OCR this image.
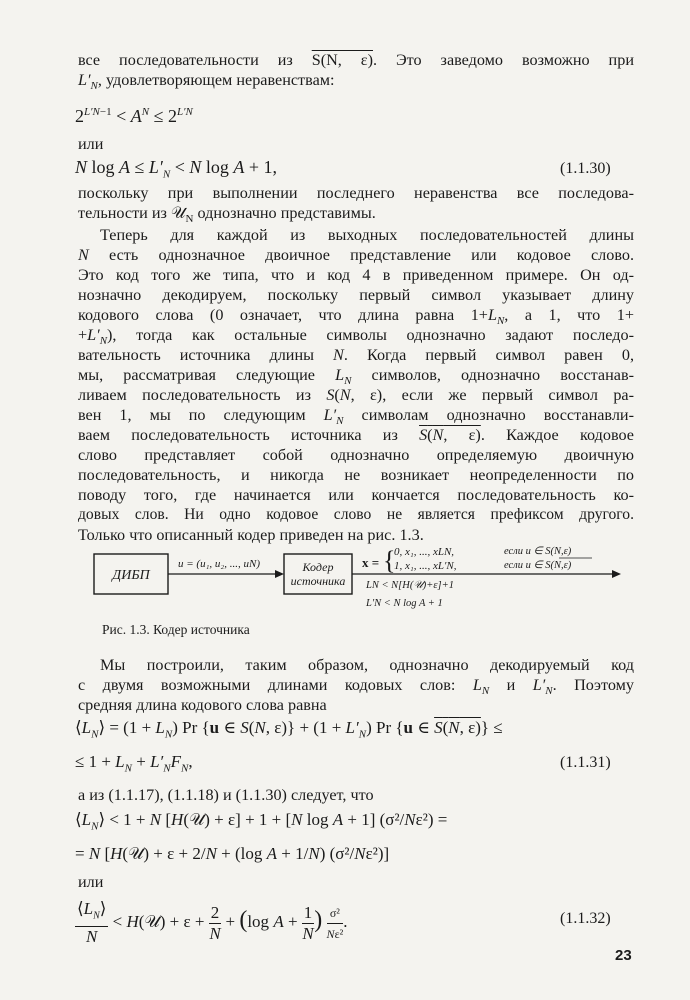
все последовательности из S(N, ε). Это заведомо возможно при
$L'_N$, удовлетворяющем неравенствам:
$2^{L'N-1} < A^N \le 2^{L'N}$
или
N $\log A \le L'_N < N$ log A + 1,	(1.1.30)
поскольку при выполнении последнего неравенства все последова-
тельности из 𝒰$_N$ однозначно представимы.
Теперь для каждой из выходных последовательностей длины
N есть однозначное двоичное представление или кодовое слово.
Это код того же типа, что и код 4 в приведенном примере. Он од-
нозначно декодируем, поскольку первый символ указывает длину
кодового слова (0 означает, что длина равна $1+L_N$, а 1, что 1+
$+L'_N$), тогда как остальные символы однозначно задают последо-
вательность источника длины N. Когда первый символ равен 0,
мы, рассматривая следующие $L_N$ символов, однозначно восстанав-
ливаем последовательность из S(N, ε), если же первый символ ра-
вен 1, мы по следующим $L'_N$ символам однозначно восстанавли-
ваем последовательность источника из S(N, ε). Каждое кодовое
слово представляет собой однозначно определяемую двоичную
последовательность, и никогда не возникает неопределенности по
поводу того, где начинается или кончается последовательность ко-
довых слов. Ни одно кодовое слово не является префиксом другого.
Только что описанный кодер приведен на рис. 1.3.
ДИБП
u = (u₁, u₂, ..., uN)	Кодер
источника
x = {
0, x₁, ..., xLN,
1, x₁, ..., xL′N,
если u ∈ S(N,ε)
если u ∈ S(N,ε)
LN < N[H(𝒰)+ε]+1
L′N < N log A + 1
Рис. 1.3. Кодер источника
Мы построили, таким образом, однозначно декодируемый код
с двумя возможными длинами кодовых слов: $L_N$ и $L'_N$. Поэтому
средняя длина кодового слова равна
$⟨L_N⟩ = (1 + L_N)$ Pr {u ∈ S(N, $\varepsilon)\} + (1 + L'_N)$ Pr {u ∈ S(N, ε)} ≤
≤ $1 + L_N + L'_NF_N$,	(1.1.31)
а из (1.1.17), (1.1.18) и (1.1.30) следует, что
$⟨L_N⟩ < 1 + N$ [H(𝒰) + ε] + 1 + [N log A + 1] (σ²/Nε²) =
= N [H(𝒰) + ε + 2/N + (log A + 1/N) (σ²/Nε²)]
или
$\frac{⟨L_N⟩}{N}$ < H(𝒰) + $\varepsilon + \frac{2}{N} + (\log$ $A + \frac{1}{N}$ ) $\frac{\text{σ²}}{\text{Nε²}}$ .	(1.1.32)
23
